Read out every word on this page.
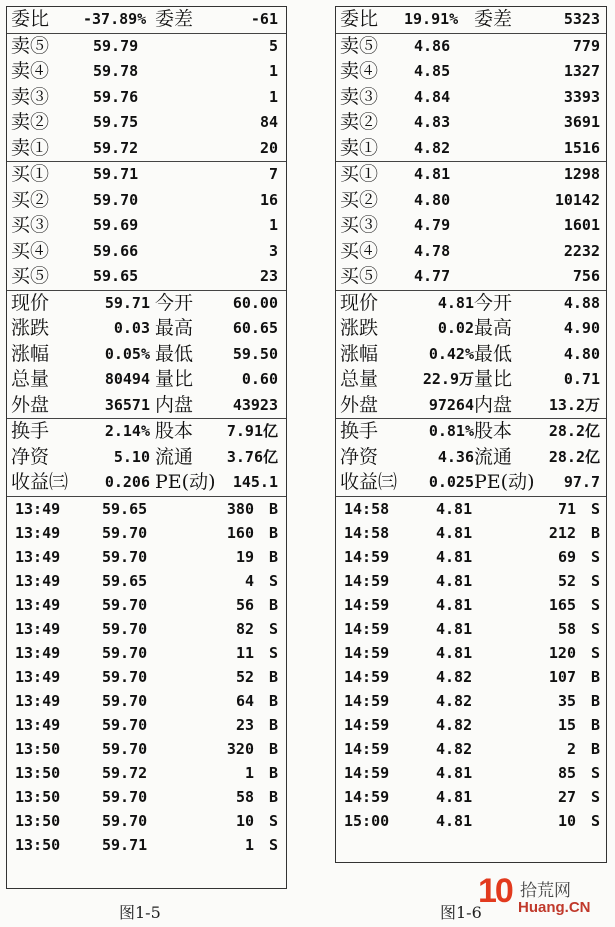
委比 -37.89% 委差	-61
卖⑤	59.79	5
卖④	59.78	1
卖③	59.76	1
卖②	59.75	84
卖①	59.72	20
买①	59.71	7
买②	59.70	16
买③	59.69	1
买④	59.66	3
买⑤	59.65	23
现价	59.71 今开	60.00
涨跌	0.03 最高	60.65
涨幅	0.05% 最低	59.50
总量	80494 量比	0.60
外盘	36571 内盘	43923
换手	2.14% 股本 7.91亿
净资	5.10 流通 3.76亿
收益㈢ 0.206 PE(动) 145.1
13:49	59.65	380 B
13:49	59.70	160 B
13:49	59.70	19 B
13:49	59.65	4 S
13:49	59.70	56 B
13:49	59.70	82 S
13:49	59.70	11 S
13:49	59.70	52 B
13:49	59.70	64 B
13:49	59.70	23 B
13:50	59.70	320 B
13:50	59.72	1 B
13:50	59.70	58 B
13:50	59.70	10 S
13:50	59.71	1 S
委比 19.91% 委差	5323
卖⑤ 4.86	779
卖④ 4.85	1327
卖③ 4.84	3393
卖② 4.83	3691
卖① 4.82	1516
买① 4.81	1298
买② 4.80	10142
买③ 4.79	1601
买④ 4.78	2232
买⑤ 4.77	756
现价	4.81 今开	4.88
涨跌	0.02 最高	4.90
涨幅	0.42% 最低	4.80
总量	22.9万 量比	0.71
外盘	97264 内盘 13.2万
换手	0.81% 股本 28.2亿
净资	4.36 流通 28.2亿
收益㈢ 0.025 PE(动) 97.7
14:58	4.81	71 S
14:58	4.81	212 B
14:59	4.81	69 S
14:59	4.81	52 S
14:59	4.81	165 S
14:59	4.81	58 S
14:59	4.81	120 S
14:59	4.82	107 B
14:59	4.82	35 B
14:59	4.82	15 B
14:59	4.82	2 B
14:59	4.81	85 S
14:59	4.81	27 S
15:00	4.81	10 S
图1-5	图1-6
10 拾荒网
Huang.CN
